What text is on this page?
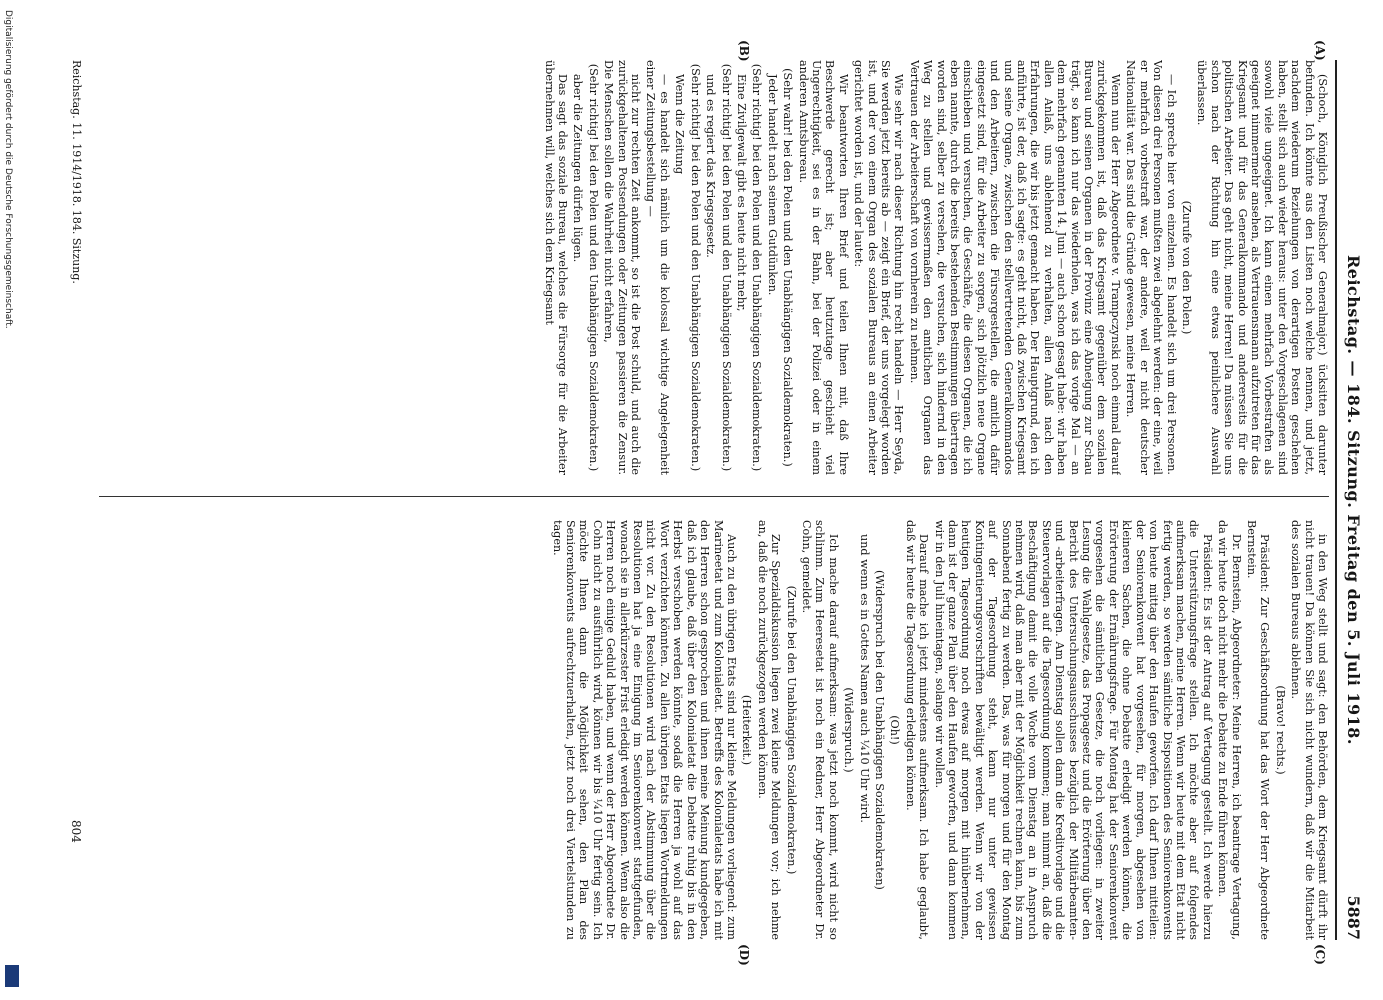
Reichstag. — 184. Sitzung. Freitag den 5. Juli 1918.
5887
(A)
(B)
(C)
(D)

(Schoch, Königlich Preußischer Generalmajor.) ücksitten darunter befunden. Ich könnte aus den Listen noch welche nennen, und jetzt, nachdem wiederum Beziehungen von derartigen Posten geschehen haben, stellt sich auch wieder heraus: unter den Vorgeschlagenen sind sowohl viele ungeeignet. Ich kann einen mehrfach Vorbestraften als geeignet nimmermehr ansehen, als Vertrauensmann aufzutreten für das Kriegsamt und für das Generalkommando und andererseits für die politischen Arbeiter. Das geht nicht, meine Herren! Da müssen Sie uns schon nach der Richtung hin eine etwas peinlichere Auswahl überlassen.

(Zurufe von den Polen.)

— Ich spreche hier von einzelnen. Es handelt sich um drei Personen. Von diesen drei Personen mußten zwei abgelehnt werden: der eine, weil er mehrfach vorbestraft war, der andere, weil er nicht deutscher Nationalität war. Das sind die Gründe gewesen, meine Herren.

Wenn nun der Herr Abgeordnete v. Trampczynski noch einmal darauf zurückgekommen ist, daß das Kriegsamt gegenüber dem sozialen Bureau und seinen Organen in der Provinz eine Abneigung zur Schau trägt, so kann ich nur das wiederholen, was ich das vorige Mal — an dem mehrfach genannten 14. Juni — auch schon gesagt habe: wir haben allen Anlaß, uns ablehnend zu verhalten, allen Anlaß nach den Erfahrungen, die wir bis jetzt gemacht haben. Der Hauptgrund, den ich anführte, ist der, daß ich sagte: es geht nicht, daß zwischen Kriegsamt und seine Organe, zwischen den stellvertretenden Generalkommandos und den Arbeitern, zwischen die Fürsorgestellen, die amtlich dafür eingesetzt sind, für die Arbeiter zu sorgen, sich plötzlich neue Organe einschieben und versuchen, die Geschäfte, die diesen Organen, die ich eben nannte, durch die bereits bestehenden Bestimmungen übertragen worden sind, selber zu versehen, die versuchen, sich hindernd in den Weg zu stellen und gewissermaßen den amtlichen Organen das Vertrauen der Arbeiterschaft von vornherein zu nehmen.

Wie sehr wir nach dieser Richtung hin recht handeln — Herr Seyda, Sie werden jetzt bereits ab — zeigt ein Brief, der uns vorgelegt worden ist, und der von einem Organ des sozialen Bureaus an einen Arbeiter gerichtet worden ist, und der lautet:

Wir beantworten Ihren Brief und teilen Ihnen mit, daß Ihre Beschwerde gerecht ist; aber heutzutage geschieht viel Ungerechtigkeit, sei es in der Bahn, bei der Polizei oder in einem anderen Amtsbureau.

(Sehr wahr! bei den Polen und den Unabhängigen Sozialdemokraten.)

Jeder handelt nach seinem Gutdünken.

(Sehr richtig! bei den Polen und den Unabhängigen Sozialdemokraten.)

Eine Zivilgewalt gibt es heute nicht mehr,

(Sehr richtig! bei den Polen und den Unabhängigen Sozialdemokraten.)

und es regiert das Kriegsgesetz.

(Sehr richtig! bei den Polen und den Unabhängigen Sozialdemokraten.)

Wenn die Zeitung

— es handelt sich nämlich um die kolossal wichtige Angelegenheit einer Zeitungsbestellung —

nicht zur rechten Zeit ankommt, so ist die Post schuld, und auch die zurückgehaltenen Postsendungen oder Zeitungen passieren die Zensur. Die Menschen sollen die Wahrheit nicht erfahren,

(Sehr richtig! bei den Polen und den Unabhängigen Sozialdemokraten.)

aber die Zeitungen dürfen lügen.

Das sagt das soziale Bureau, welches die Fürsorge für die Arbeiter übernehmen will, welches sich dem Kriegsamt

in den Weg stellt und sagt: den Behörden, dem Kriegsamt dürft ihr nicht trauen! Da können Sie sich nicht wundern, daß wir die Mitarbeit des sozialen Bureaus ablehnen.

(Bravo! rechts.)

Präsident: Zur Geschäftsordnung hat das Wort der Herr Abgeordnete Bernstein.

Dr. Bernstein, Abgeordneter: Meine Herren, ich beantrage Vertagung, da wir heute doch nicht mehr die Debatte zu Ende führen können.

Präsident: Es ist der Antrag auf Vertagung gestellt. Ich werde hierzu die Unterstützungsfrage stellen. Ich möchte aber auf folgendes aufmerksam machen, meine Herren. Wenn wir heute mit dem Etat nicht fertig werden, so werden sämtliche Dispositionen des Seniorenkonvents von heute mittag über den Haufen geworfen. Ich darf Ihnen mitteilen: der Seniorenkonvent hat vorgesehen, für morgen, abgesehen von kleineren Sachen, die ohne Debatte erledigt werden können, die Erörterung der Ernährungsfrage. Für Montag hat der Seniorenkonvent vorgesehen die sämtlichen Gesetze, die noch vorliegen: in zweiter Lesung die Wahlgesetze, das Propagesetz und die Erörterung über den Bericht des Untersuchungsausschusses bezüglich der Militärbeamten- und -arbeiterfragen. Am Dienstag sollen dann die Kreditvorlage und die Steuervorlagen auf die Tagesordnung kommen; man nimmt an, daß die Beschäftigung damit die volle Woche vom Dienstag an in Anspruch nehmen wird, daß man aber mit der Möglichkeit rechnen kann, bis zum Sonnabend fertig zu werden. Das, was für morgen und für den Montag auf der Tagesordnung steht, kann nur unter gewissen Kontingentierungsvorschriften bewältigt werden. Wenn wir von der heutigen Tagesordnung noch etwas auf morgen mit hinübernehmen, dann ist der ganze Plan über den Haufen geworfen, und dann kommen wir in den Juli hineintagen, solange wir wollen.

Darauf mache ich jetzt mindestens aufmerksam. Ich habe geglaubt, daß wir heute die Tagesordnung erledigen können.

(Oh!)

(Widerspruch bei den Unabhängigen Sozialdemokraten)

und wenn es in Gottes Namen auch ¼10 Uhr wird.

(Widerspruch.)

Ich mache darauf aufmerksam: was jetzt noch kommt, wird nicht so schlimm. Zum Heeresetat ist noch ein Redner, Herr Abgeordneter Dr. Cohn, gemeldet.

(Zurufe bei den Unabhängigen Sozialdemokraten.)

Zur Spezialdiskussion liegen zwei kleine Meldungen vor; ich nehme an, daß die noch zurückgezogen werden können.

(Heiterkeit.)

Auch zu den übrigen Etats sind nur kleine Meldungen vorliegend: zum Marineetat und zum Kolonialetat. Betreffs des Kolonialetats habe ich mit den Herren schon gesprochen und ihnen meine Meinung kundgegeben, daß ich glaube, daß über den Kolonialetat die Debatte ruhig bis in den Herbst verschoben werden könnte, sodaß die Herren ja wohl auf das Wort verzichten könnten. Zu allen übrigen Etats liegen Wortmeldungen nicht vor. Zu den Resolutionen wird nach der Abstimmung über die Resolutionen hat ja eine Einigung im Seniorenkonvent stattgefunden, wonach sie in allerkürzester Frist erledigt werden können. Wenn also die Herren noch einige Geduld haben, und wenn der Herr Abgeordnete Dr. Cohn nicht zu ausführlich wird, können wir bis ¼10 Uhr fertig sein. Ich möchte Ihnen dann die Möglichkeit sehen, den Plan des Seniorenkonvents aufrechtzuerhalten, jetzt noch drei Viertelstunden zu tagen.

Reichstag. 11. 1914/1918. 184. Sitzung.
804
Digitalisierung gefördert durch die Deutsche Forschungsgemeinschaft.
